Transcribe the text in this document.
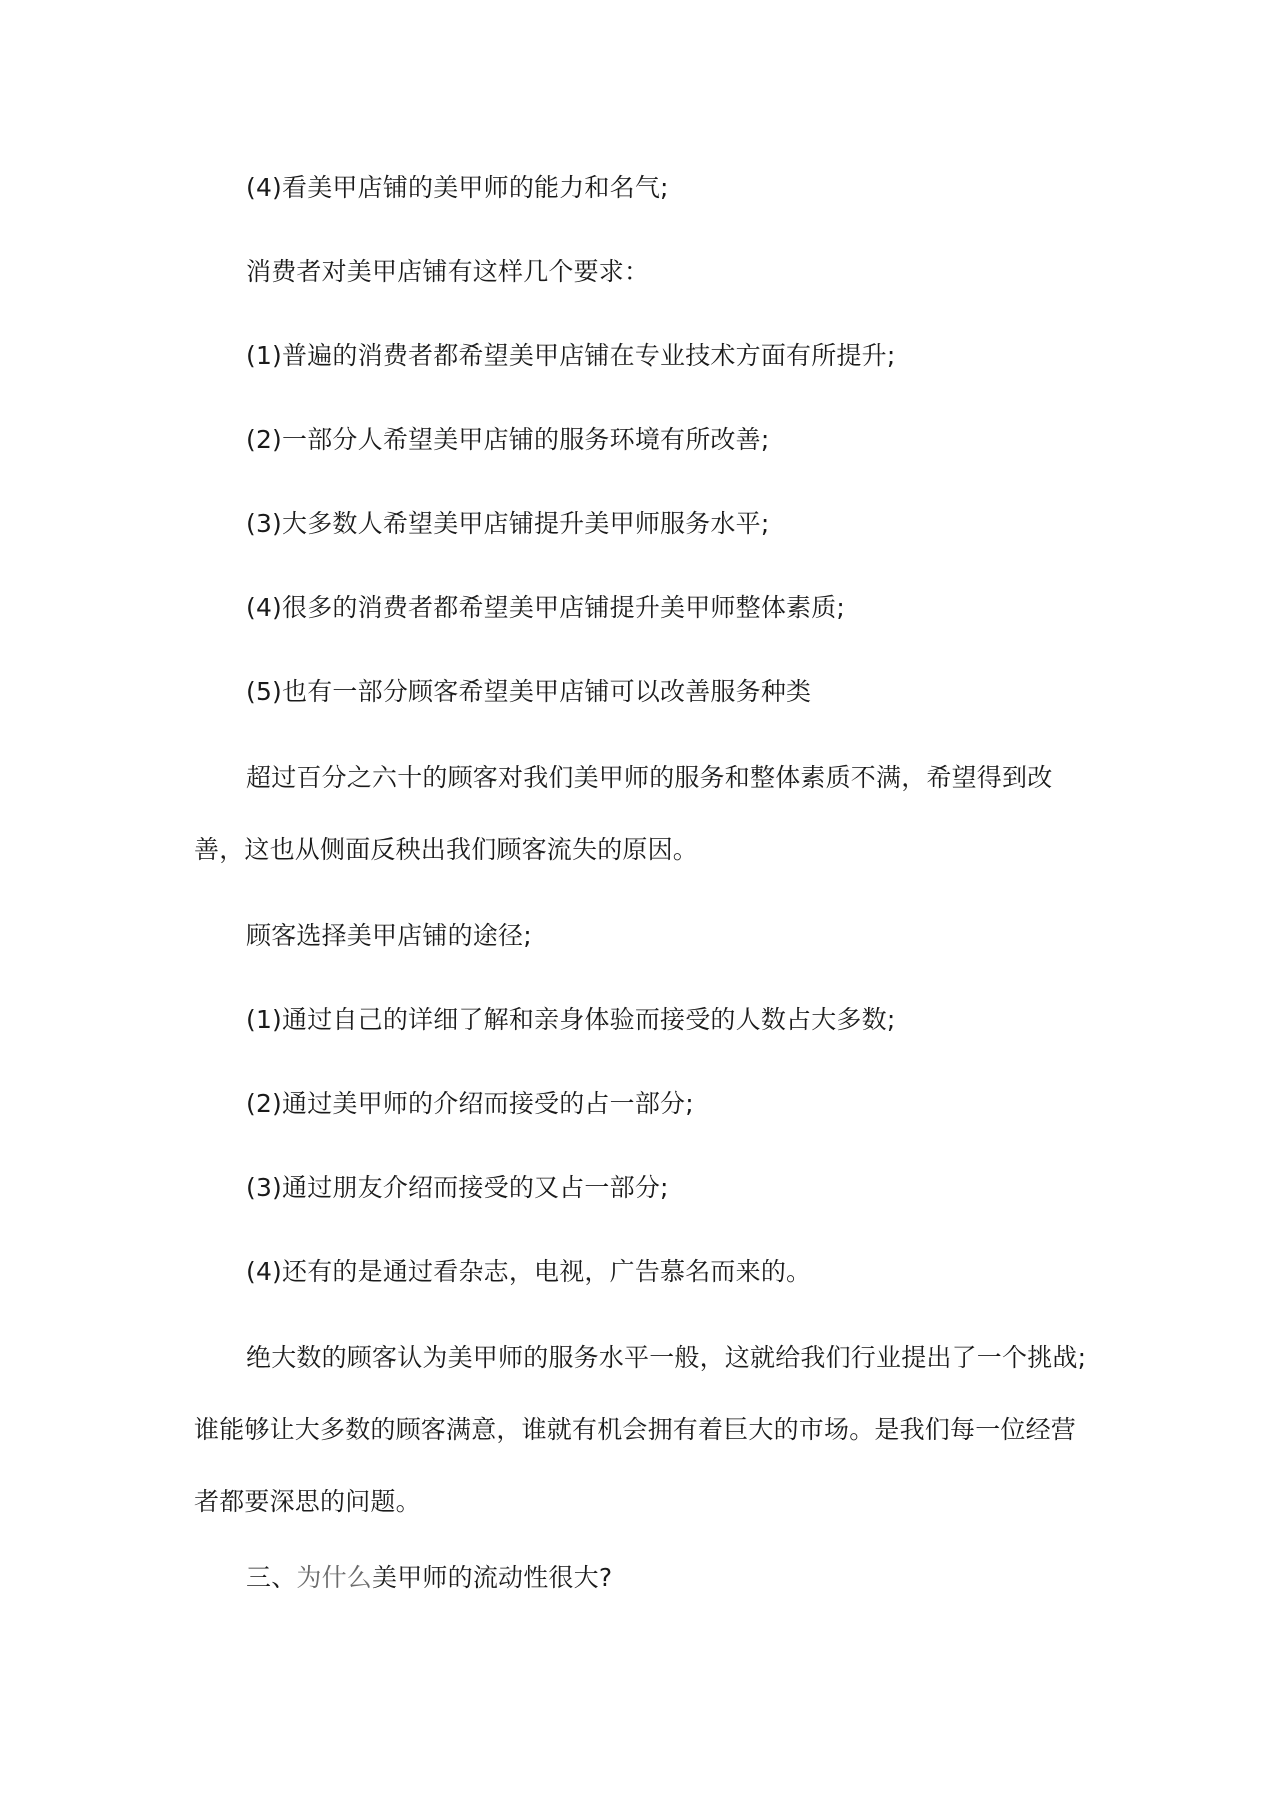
(4)看美甲店铺的美甲师的能力和名气;

消费者对美甲店铺有这样几个要求：

(1)普遍的消费者都希望美甲店铺在专业技术方面有所提升;

(2)一部分人希望美甲店铺的服务环境有所改善;

(3)大多数人希望美甲店铺提升美甲师服务水平;

(4)很多的消费者都希望美甲店铺提升美甲师整体素质;

(5)也有一部分顾客希望美甲店铺可以改善服务种类

超过百分之六十的顾客对我们美甲师的服务和整体素质不满，希望得到改善，这也从侧面反秧出我们顾客流失的原因。

顾客选择美甲店铺的途径;

(1)通过自己的详细了解和亲身体验而接受的人数占大多数;

(2)通过美甲师的介绍而接受的占一部分;

(3)通过朋友介绍而接受的又占一部分;

(4)还有的是通过看杂志，电视，广告慕名而来的。

绝大数的顾客认为美甲师的服务水平一般，这就给我们行业提出了一个挑战;谁能够让大多数的顾客满意，谁就有机会拥有着巨大的市场。是我们每一位经营者都要深思的问题。

三、为什么美甲师的流动性很大?
